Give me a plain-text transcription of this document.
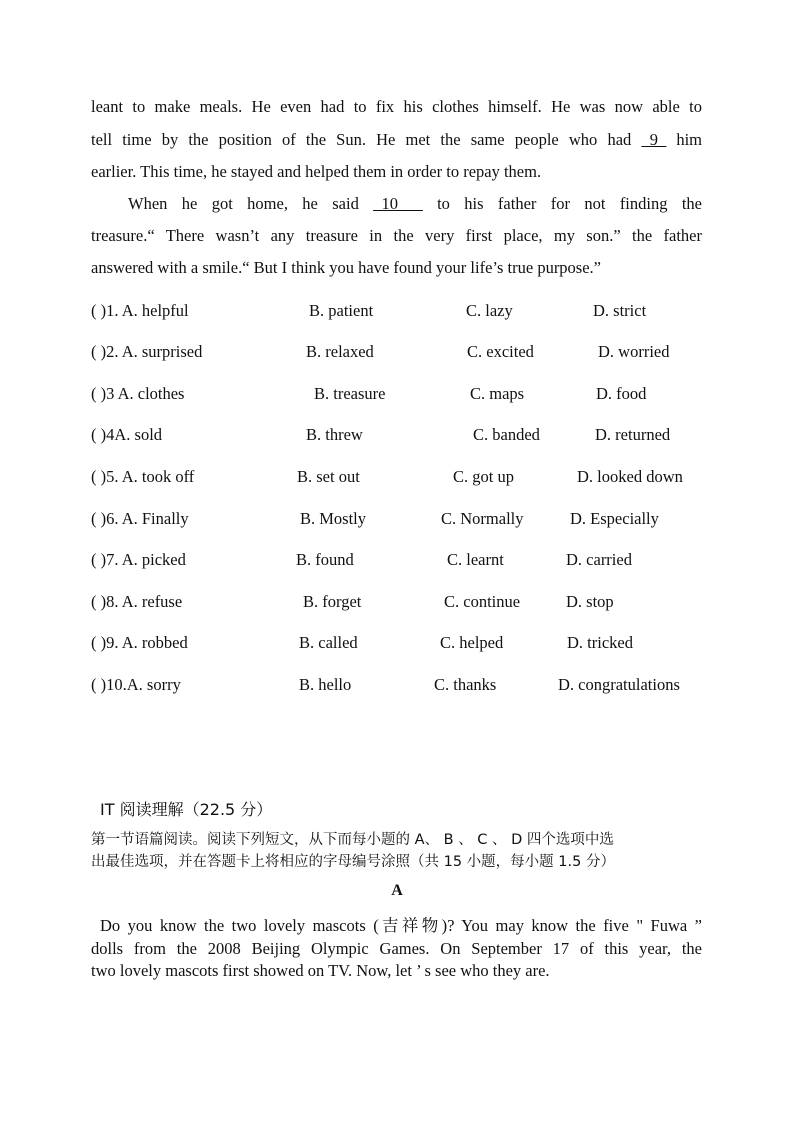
leant to make meals. He even had to fix his clothes himself. He was now able to
tell time by the position of the Sun. He met the same people who had _9_ him
earlier. This time, he stayed and helped them in order to repay them.
When he got home, he said _10___ to his father for not finding the
treasure.“ There wasn’t any treasure in the very first place, my son.” the father
answered with a smile.“ But I think you have found your life’s true purpose.”
( )1. A. helpful	B. patient	C. lazy	D. strict
( )2. A. surprised	B. relaxed	C. excited	D. worried
( )3 A. clothes	B. treasure	C. maps	D. food
( )4A. sold	B. threw	C. banded	D. returned
( )5. A. took off	B. set out	C. got up	D. looked down
( )6. A. Finally	B. Mostly	C. Normally	D. Especially
( )7. A. picked	B. found	C. learnt	D. carried
( )8. A. refuse	B. forget	C. continue	D. stop
( )9. A. robbed	B. called	C. helped	D. tricked
( )10.A. sorry	B. hello	C. thanks	D. congratulations
IT 阅读理解（22.5 分）
第一节语篇阅读。阅读下列短文，从下而每小题的 A、 B 、 C 、 D 四个选项中选
出最佳选项，并在答题卡上将相应的字母编号涂照（共 15 小题，每小题 1.5 分）
A
Do you know the two lovely mascots (吉祥物)? You may know the five " Fuwa ”
dolls from the 2008 Beijing Olympic Games. On September 17 of this year, the
two lovely mascots first showed on TV. Now, let ’ s see who they are.
